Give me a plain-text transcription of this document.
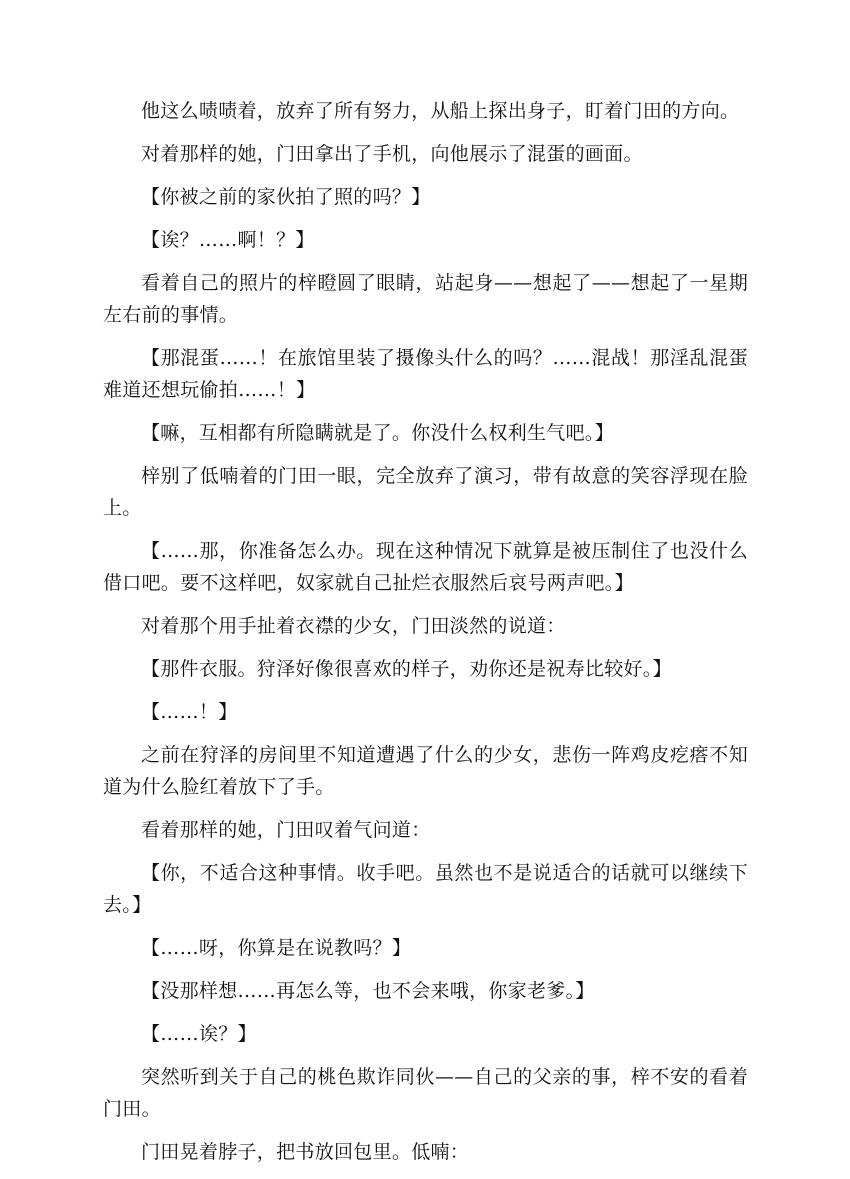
他这么啧啧着，放弃了所有努力，从船上探出身子，盯着门田的方向。

对着那样的她，门田拿出了手机，向他展示了混蛋的画面。

【你被之前的家伙拍了照的吗？】

【诶？……啊！？】

看着自己的照片的梓瞪圆了眼睛，站起身——想起了——想起了一星期左右前的事情。

【那混蛋……！在旅馆里装了摄像头什么的吗？……混战！那淫乱混蛋难道还想玩偷拍……！】

【嘛，互相都有所隐瞒就是了。你没什么权利生气吧。】

梓别了低喃着的门田一眼，完全放弃了演习，带有故意的笑容浮现在脸上。

【……那，你准备怎么办。现在这种情况下就算是被压制住了也没什么借口吧。要不这样吧，奴家就自己扯烂衣服然后哀号两声吧。】

对着那个用手扯着衣襟的少女，门田淡然的说道：

【那件衣服。狩泽好像很喜欢的样子，劝你还是祝寿比较好。】

【……！】

之前在狩泽的房间里不知道遭遇了什么的少女，悲伤一阵鸡皮疙瘩不知道为什么脸红着放下了手。

看着那样的她，门田叹着气问道：

【你，不适合这种事情。收手吧。虽然也不是说适合的话就可以继续下去。】

【……呀，你算是在说教吗？】

【没那样想……再怎么等，也不会来哦，你家老爹。】

【……诶？】

突然听到关于自己的桃色欺诈同伙——自己的父亲的事，梓不安的看着门田。

门田晃着脖子，把书放回包里。低喃：
